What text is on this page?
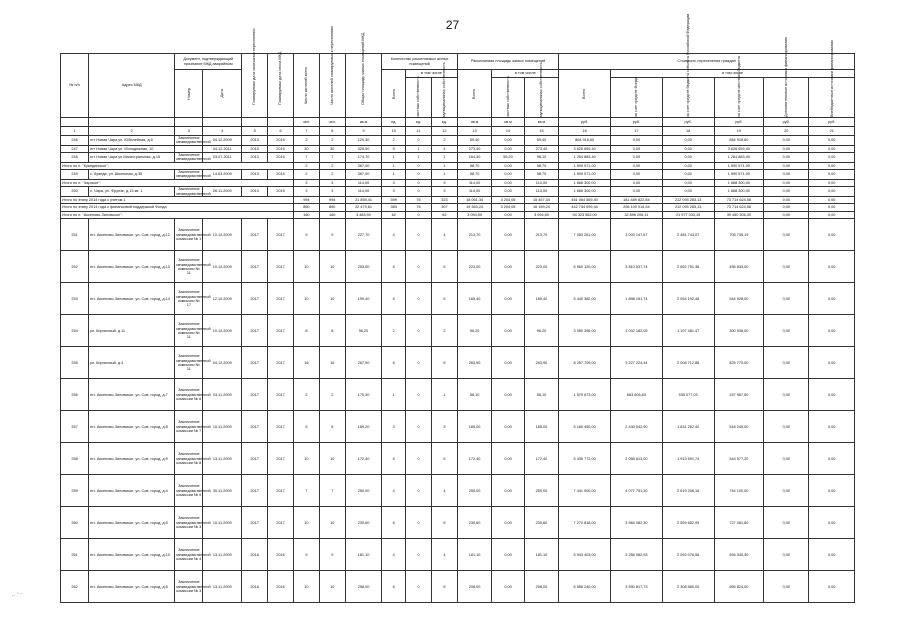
27
№ п/п	Адрес МКД	Документ, подтверждающий признание МКД аварийным		Планируемая дата окончания переселения	Планируемая дата сноса МКД	Число жителей всего	Число жителей планируемых к переселению	Общая площадь жилых помещений МКД	Количество расселяемых жилых помещений			Расселяемая площадь жилых помещений			Стоимость переселения граждан					

		Номер	Дата						Всего	в том числе		Всего	в том числе		Всего	в том числе				

										частная собственность	муниципальная собственность		частная собственность	муниципальная собственность		за счет средств Фонда	за счет средств бюджета субъекта Российской Федерации	за счет средств местного бюджета	Дополнительные источники финансирования	Внебюджетные источники финансирования

						чел.	чел.	кв.м	ед.	ед.	ед.	кв.м	кв.м	кв.м	руб.	руб.	руб.	руб.	руб.	руб.
1	2	3	4	5	6	7	8	9	10	11	12	13	14	15	16	17	18	19	20	21
246	пгт Новая Чара ул. Юбилейная, д.5	Заключение межведомственной	04.12.2009	2013	2015	2	2	129,30	2	0	2	59,40	0,00	59,40	864 918,60	0,00	0,00	864 918,60	0,00	0,00
247	пгт Новая Чара ул. Молодежная, 10		04.12.2011	2015	2015	30	30	325,50	5	1	4	273,40	0,00	273,40	3 626 659,40	0,00	0,00	3 626 659,40	0,00	0,00
248	пгт Новая Чара ул Магистральная, д.15	Заключение межведомственной	03.07.2011	2013	2015	7	7	174,70	1	1	1	164,30	55,20	98,10	1 264 883,40	0,00	0,00	1 264 883,40	0,00	0,00
Итого по п. "Куандинское":						2	2	367,00	1	0	1	58,70	0,00	58,70	1 590 571,00	0,00	0,00	1 590 571,00	0,00	0,00
249	с. Куанда, ул. Школьная, д.35	Заключение межведомственной	14.03.2009	2013	2015	2	2	367,00	1	0	1	58,70	0,00	58,70	1 590 571,00	0,00	0,00	1 590 571,00	0,00	0,00
Итого по п. "Чарское":						3	3	114,00	3	0	3	114,00	0,00	114,00	1 668 300,00	0,00	0,00	1 668 300,00	0,00	0,00
250	с. Чара, ул. Фрунзе, д.13 кв. 1	Заключение межведомственной	26.11.2009	2013	2015	3	3	114,00	3	0	3	114,00	0,00	114,00	1 668 300,00	0,00	0,00	1 668 300,00	0,00	0,00
Итого по этапу 2014 года с учетом 1						994	994	21 859,41	399	76	323	18 061,34	3 204,05	15 457,34	451 064 569,40	181 489 822,84	212 093 283,13	73 714 624,58	0,00	0,00
Итого по этапу 2014 года с финансовой поддержкой Фонда						850	850	22 479,61	383	76	307	19 363,24	3 204,05	16 159,24	442 734 099,44	208 100 014,54	212 093 283,13	73 714 624,58	0,00	0,00
Итого по п. "Аксеново-Зиловское":						160	160	3 483,90	62	0	62	3 094,50	0,00	3 094,50	94 323 562,00	32 896 206,11	21 977 033,15	39 450 306,30	0,00	0,00
251	пгт. Аксеново-Зиловское, ул. Сов. город, д.12	Заключение межведомственной комиссии № 1	10.12.2009	2017	2017	9	9	227,70	4	0	4	213,70	0,00	213,70	7 053 261,00	3 003 147,67	2 481 743,07	705 735,19	0,00	0,00
252	пгт. Аксеново-Зиловское, ул. Сов. город, д.13	Заключение межведомственной комиссии № 11	10.12.2009	2017	2017	10	10	253,00	5	0	5	223,00	0,00	223,00	6 960 120,00	3 810 537,74	2 652 751,36	456 833,00	0,00	0,00
253	пгт. Аксеново-Зиловское, ул. Сов. город, д.14	Заключение межведомственной комиссии № 17	12.10.2009	2017	2017	10	10	199,40	5	0	5	165,40	0,00	165,40	5 440 382,00	1 898 151,74	2 054 192,48	544 928,00	0,00	0,00
254	ул. Кирпичный, д.11	Заключение межведомственной комиссии № 11	10.12.2009	2017	2017	8	8	96,20	2	0	2	96,20	0,00	96,20	3 050 396,00	1 002 182,05	1 107 481,47	300 938,00	0,00	0,00
255	ул. Кирпичный, д.4	Заключение межведомственной комиссии № 11	04.12.2009	2017	2017	16	16	267,90	6	0	6	263,90	0,00	263,90	8 257 709,00	3 227 224,44	2 008 712,86	825 770,00	0,00	0,00
256	пгт. Аксеново-Зиловское, ул. Сов. город, д.7	Заключение межведомственной комиссии № 6	03.11.2009	2017	2017	2	2	175,30	1	0	1	58,10	0,00	58,10	1 579 673,00	663 605,83	535 077,03	157 967,50	0,00	0,00
257	пгт. Аксеново-Зиловское, ул. Сов. город, д.8	Заключение межведомственной комиссии № 7	10.11.2009	2017	2017	6	6	169,20	3	0	3	165,00	0,00	165,00	5 180 450,00	2 430 942,90	1 831 262,40	518 245,00	0,00	0,00
258	пгт. Аксеново-Зиловское, ул. Сов. город, д.9	Заключение межведомственной комиссии № 8	13.11.2009	2017	2017	10	10	172,40	5	0	5	172,40	0,00	172,40	5 435 772,00	2 058 813,00	1 913 591,74	543 577,20	0,00	0,00
259	пгт. Аксеново-Зиловское, ул. Сов. город, д.4	Заключение межведомственной комиссии № 9	30.11.2009	2017	2017	7	7	250,00	4	0	4	250,00	0,00	250,00	7 441 000,00	4 077 751,30	2 619 206,16	744 100,00	0,00	0,00
260	пгт. Аксеново-Зиловское, ул. Сов. город, д.5	Заключение межведомственной комиссии № 3	10.11.2009	2017	2017	10	10	230,60	6	0	6	230,60	0,00	230,60	7 270 818,00	3 984 082,30	2 559 652,99	727 081,80	0,00	0,00
261	пгт. Аксеново-Зиловское, ул. Сов. город, д.10	Заключение межведомственной комиссии № 4	13.11.2009	2016	2016	9	9	181,10	4	0	4	181,10	0,00	181,10	5 943 403,00	3 256 982,93	2 092 076,56	594 340,30	0,00	0,00
262	пгт. Аксеново-Зиловское, ул. Сов. город, д.6	Заключение межведомственной комиссии № 3	13.11.2009	2016	2016	10	10	258,00	6	0	6	208,00	0,00	208,00	6 558 240,00	3 590 817,73	2 308 580,00	655 824,00	0,00	0,00
⌐ ˜ ˉ
